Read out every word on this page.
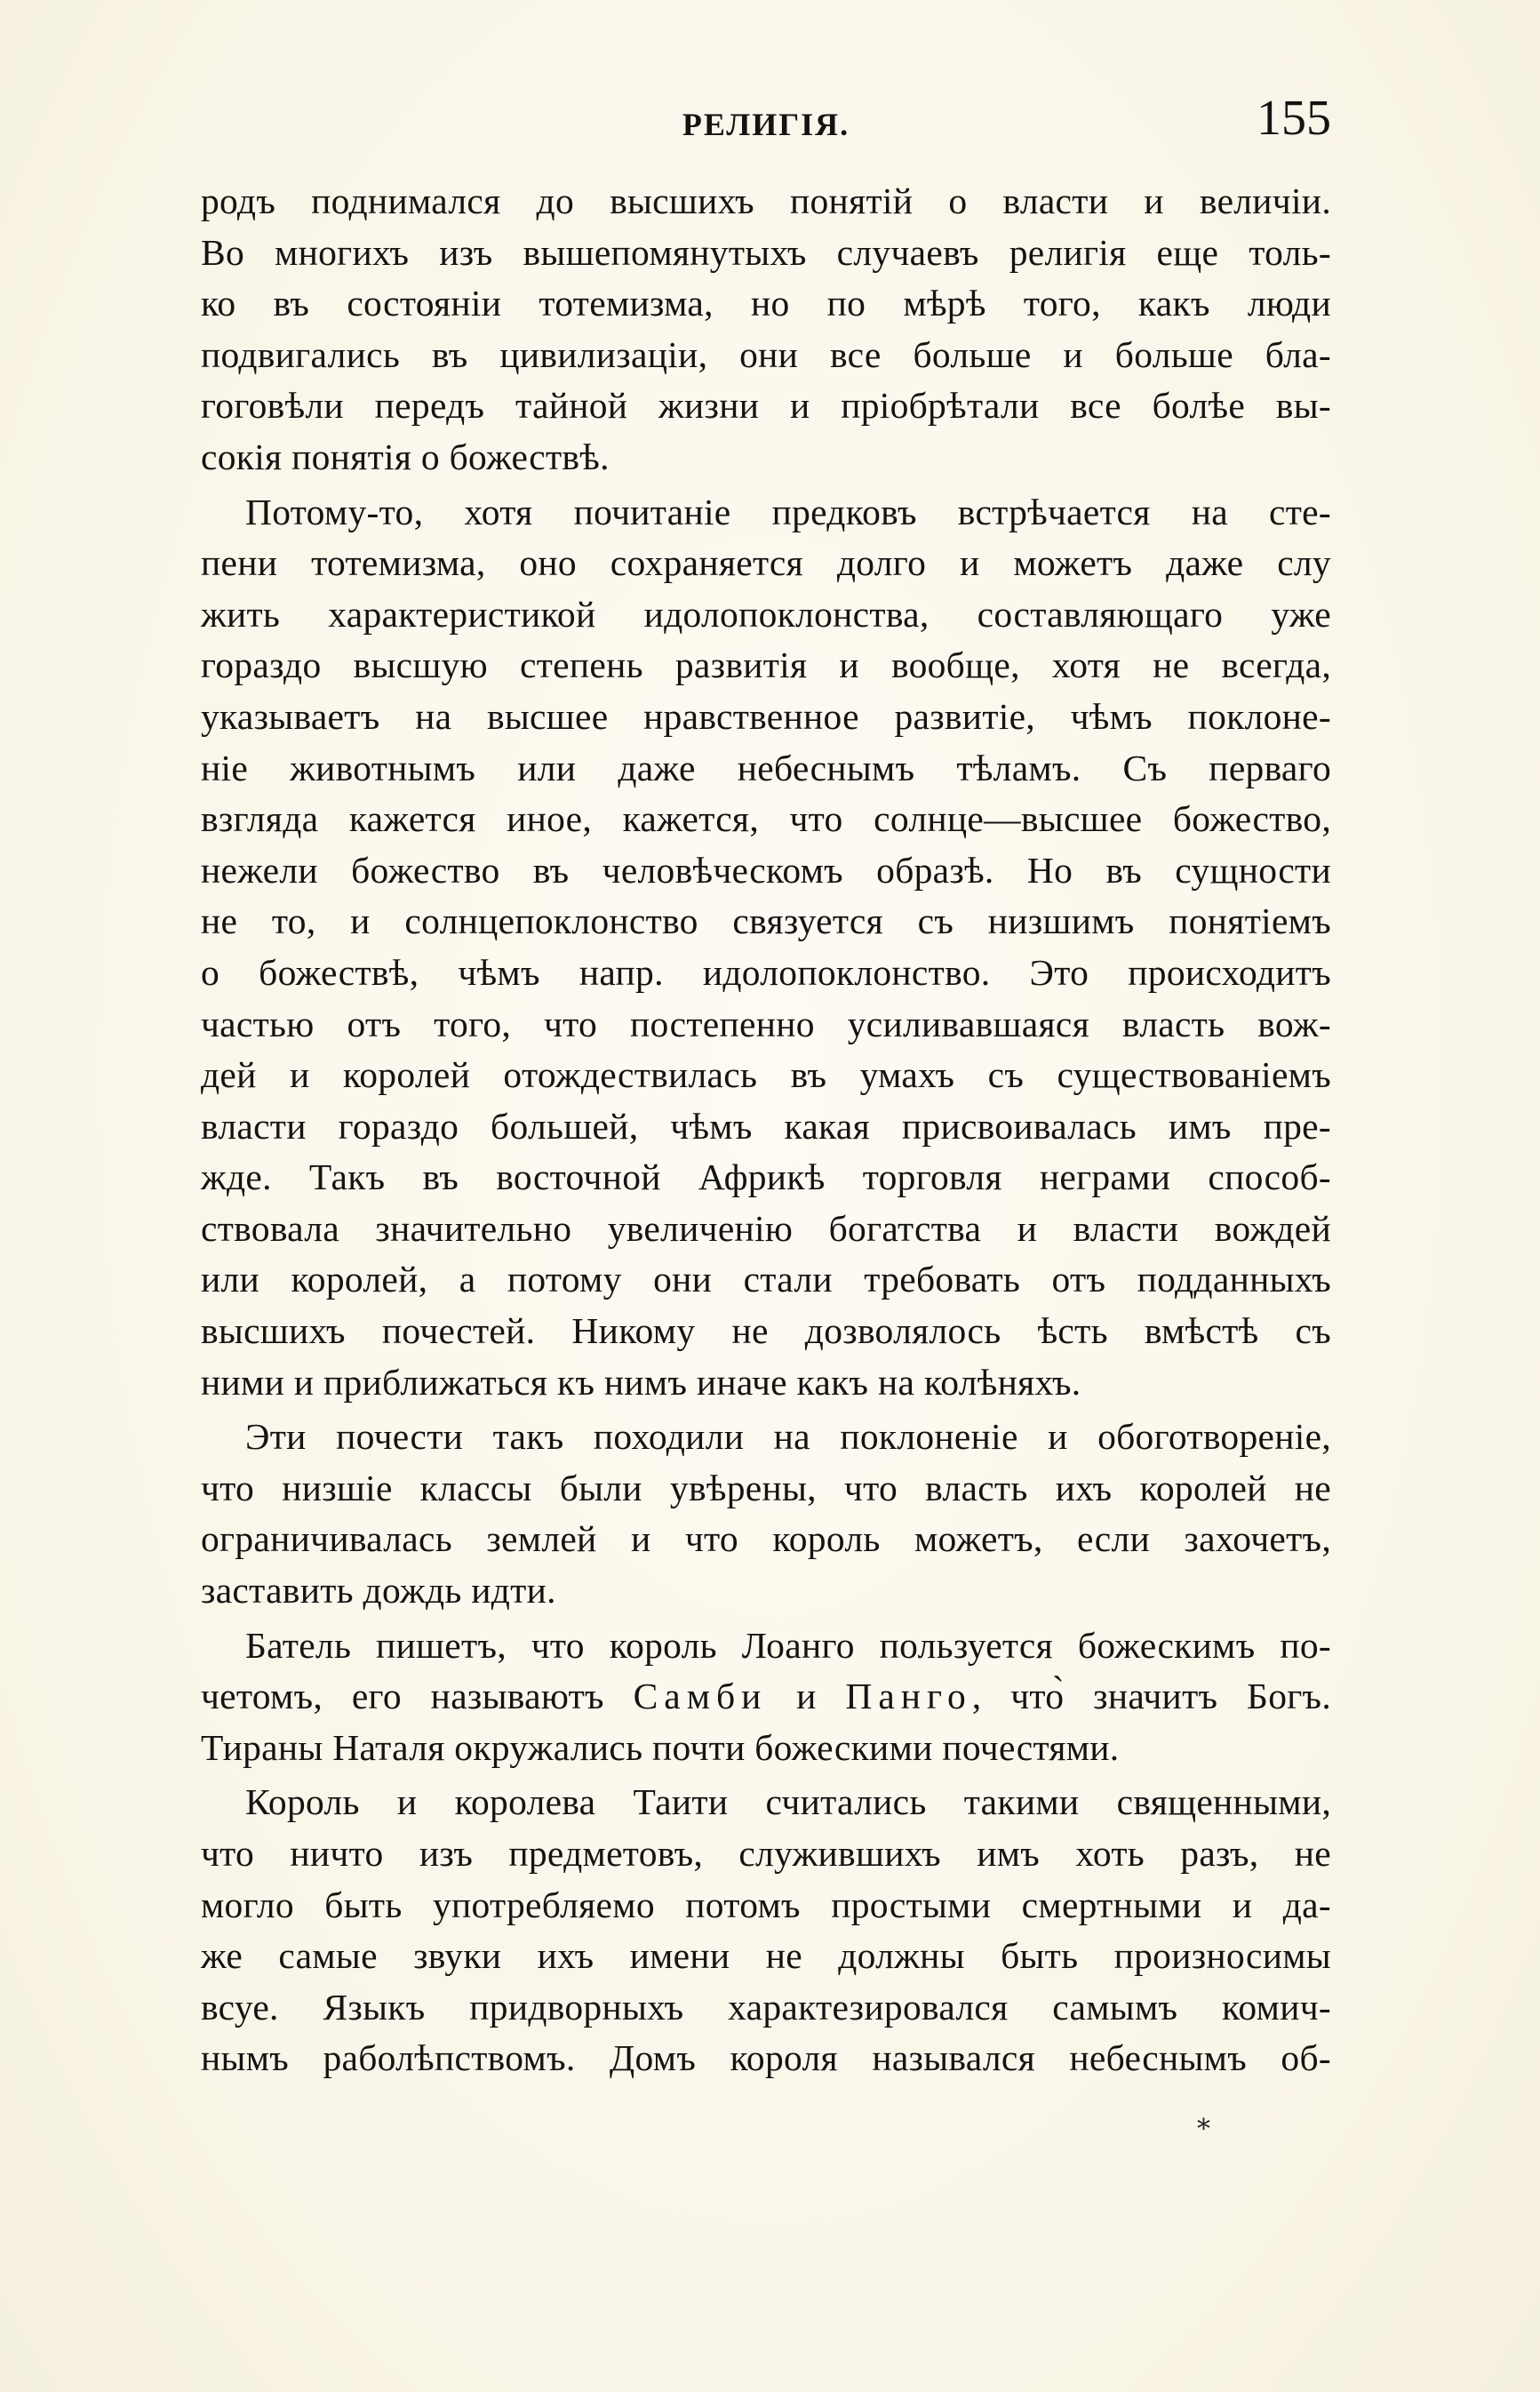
РЕЛИГІЯ.	155
родъ поднимался до высшихъ понятій о власти и величіи.
Во многихъ изъ вышепомянутыхъ случаевъ религія еще толь-
ко въ состояніи тотемизма, но по мѣрѣ того, какъ люди
подвигались въ цивилизаціи, они все больше и больше бла-
гоговѣли передъ тайной жизни и пріобрѣтали все болѣе вы-
сокія понятія о божествѣ.
Потому-то, хотя почитаніе предковъ встрѣчается на сте-
пени тотемизма, оно сохраняется долго и можетъ даже слу
жить характеристикой идолопоклонства, составляющаго уже
гораздо высшую степень развитія и вообще, хотя не всегда,
указываетъ на высшее нравственное развитіе, чѣмъ поклоне-
ніе животнымъ или даже небеснымъ тѣламъ. Съ перваго
взгляда кажется иное, кажется, что солнце—высшее божество,
нежели божество въ человѣческомъ образѣ. Но въ сущности
не то, и солнцепоклонство связуется съ низшимъ понятіемъ
о божествѣ, чѣмъ напр. идолопоклонство. Это происходитъ
частью отъ того, что постепенно усиливавшаяся власть вож-
дей и королей отождествилась въ умахъ съ существованіемъ
власти гораздо большей, чѣмъ какая присвоивалась имъ пре-
жде. Такъ въ восточной Африкѣ торговля неграми способ-
ствовала значительно увеличенію богатства и власти вождей
или королей, а потому они стали требовать отъ подданныхъ
высшихъ почестей. Никому не дозволялось ѣсть вмѣстѣ съ
ними и приближаться къ нимъ иначе какъ на колѣняхъ.
Эти почести такъ походили на поклоненіе и обоготвореніе,
что низшіе классы были увѣрены, что власть ихъ королей не
ограничивалась землей и что король можетъ, если захочетъ,
заставить дождь идти.
Батель пишетъ, что король Лоанго пользуется божескимъ по-
четомъ, его называютъ Самби и Панго, что̀ значитъ Богъ.
Тираны Наталя окружались почти божескими почестями.
Король и королева Таити считались такими священными,
что ничто изъ предметовъ, служившихъ имъ хоть разъ, не
могло быть употребляемо потомъ простыми смертными и да-
же самые звуки ихъ имени не должны быть произносимы
всуе. Языкъ придворныхъ характезировался самымъ комич-
нымъ раболѣпствомъ. Домъ короля назывался небеснымъ об-
*
